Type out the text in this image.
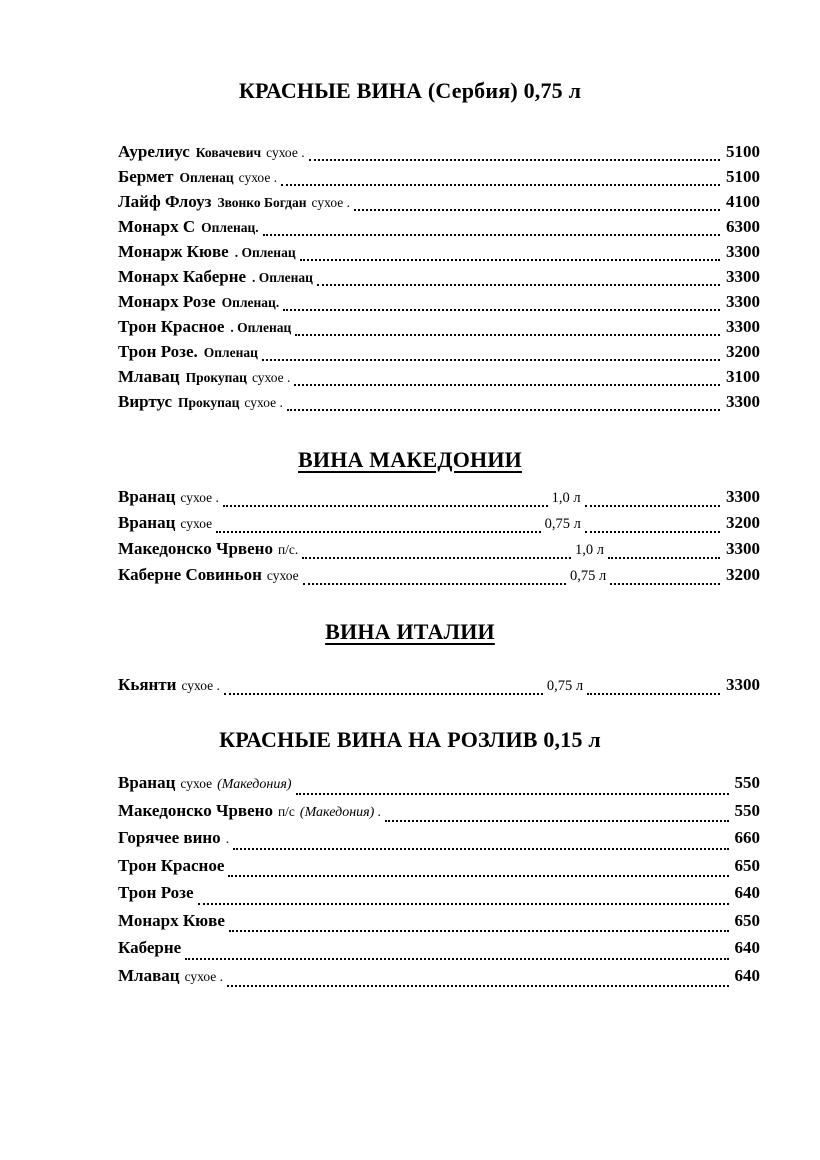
КРАСНЫЕ ВИНА (Сербия) 0,75 л
Аурелиус Ковачевич сухое .	5100
Бермет Опленац сухое .	5100
Лайф Флоуз Звонко Богдан сухое .	4100
Монарх С Опленац.	6300
Монарж Кюве . Опленац	3300
Монарх Каберне . Опленац	3300
Монарх Розе Опленац.	3300
Трон Красное . Опленац	3300
Трон Розе. Опленац	3200
Млавац Прокупац сухое .	3100
Виртус Прокупац сухое .	3300
ВИНА МАКЕДОНИИ
Вранац сухое .	1,0 л	3300
Вранац сухое	0,75 л	3200
Македонско Чрвено п/с.	1,0 л	3300
Каберне Совиньон сухое	0,75 л	3200
ВИНА ИТАЛИИ
Кьянти сухое .	0,75 л	3300
КРАСНЫЕ ВИНА НА РОЗЛИВ 0,15 л
Вранац сухое (Македония)	550
Македонско Чрвено п/с (Македония) .	550
Горячее вино .	660
Трон Красное	650
Трон Розе	640
Монарх Кюве	650
Каберне	640
Млавац сухое .	640
